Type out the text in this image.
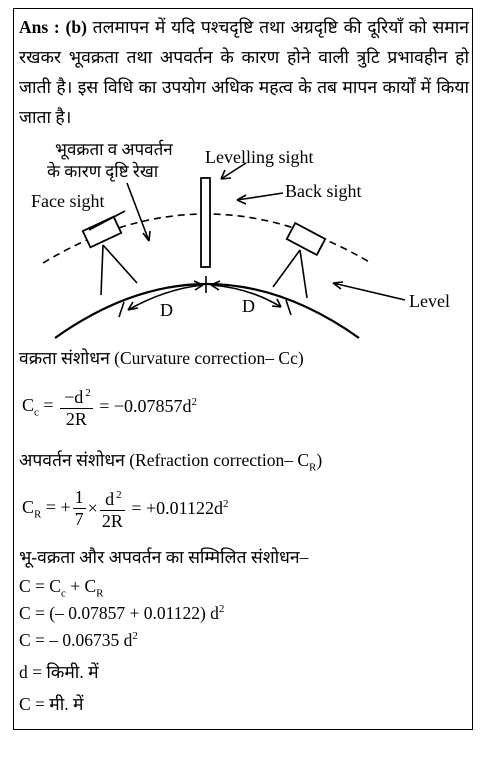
Ans : (b) तलमापन में यदि पश्चदृष्टि तथा अग्रदृष्टि की दूरियाँ को समान रखकर भूवक्रता तथा अपवर्तन के कारण होने वाली त्रुटि प्रभावहीन हो जाती है। इस विधि का उपयोग अधिक महत्व के तब मापन कार्यों में किया जाता है।
भूवक्रता व अपवर्तन
के कारण दृष्टि रेखा
Levelling sight
Back sight
Face sight
Level
D	D
वक्रता संशोधन (Curvature correction– Cc)
$C_c = \frac{-d ^2}{2R} = -0.07857d^2$
अपवर्तन संशोधन (Refraction correction– $C_R$)
$C_R$ = + $\frac{1}{7} \times \frac{d ^2}{2R} = +0.01122d^2$
भू-वक्रता और अपवर्तन का सम्मिलित संशोधन–
$C = C_c + C_R$
C = (– 0.07857 + 0.01122) $d^2$
C = – 0.06735 $d^2$
d = किमी. में
C = मी. में
